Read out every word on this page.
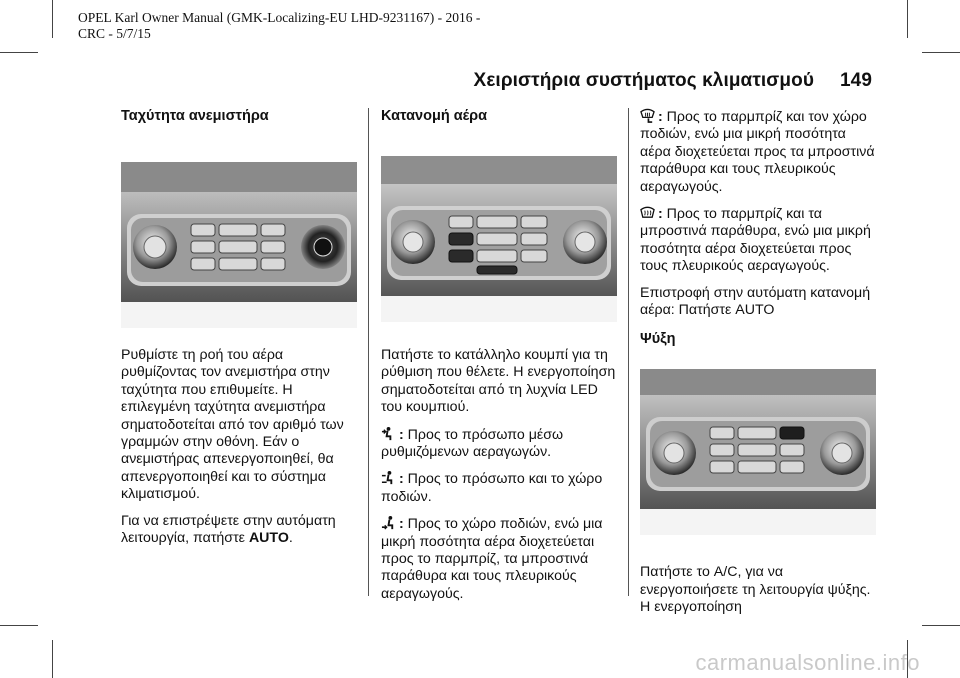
OPEL Karl Owner Manual (GMK-Localizing-EU LHD-9231167) - 2016 -
CRC - 5/7/15
Χειριστήρια συστήματος κλιματισμού 149
Ταχύτητα ανεμιστήρα

Ρυθμίστε τη ροή του αέρα ρυθμίζοντας τον ανεμιστήρα στην ταχύτητα που επιθυμείτε. Η επιλεγμένη ταχύτητα ανεμιστήρα σηματοδοτείται από τον αριθμό των γραμμών στην οθόνη. Εάν ο ανεμιστήρας απενεργοποιηθεί, θα απενεργοποιηθεί και το σύστημα κλιματισμού.

Για να επιστρέψετε στην αυτόματη λειτουργία, πατήστε AUTO.

Κατανομή αέρα

Πατήστε το κατάλληλο κουμπί για τη ρύθμιση που θέλετε. Η ενεργοποίηση σηματοδοτείται από τη λυχνία LED του κουμπιού.

: Προς το πρόσωπο μέσω ρυθμιζόμενων αεραγωγών.

: Προς το πρόσωπο και το χώρο ποδιών.

: Προς το χώρο ποδιών, ενώ μια μικρή ποσότητα αέρα διοχετεύεται προς το παρμπρίζ, τα μπροστινά παράθυρα και τους πλευρικούς αεραγωγούς.

: Προς το παρμπρίζ και τον χώρο ποδιών, ενώ μια μικρή ποσότητα αέρα διοχετεύεται προς τα μπροστινά παράθυρα και τους πλευρικούς αεραγωγούς.

: Προς το παρμπρίζ και τα μπροστινά παράθυρα, ενώ μια μικρή ποσότητα αέρα διοχετεύεται προς τους πλευρικούς αεραγωγούς.

Επιστροφή στην αυτόματη κατανομή αέρα: Πατήστε AUTO

Ψύξη

Πατήστε το A/C, για να ενεργοποιήσετε τη λειτουργία ψύξης. Η ενεργοποίηση

carmanualsonline.info
